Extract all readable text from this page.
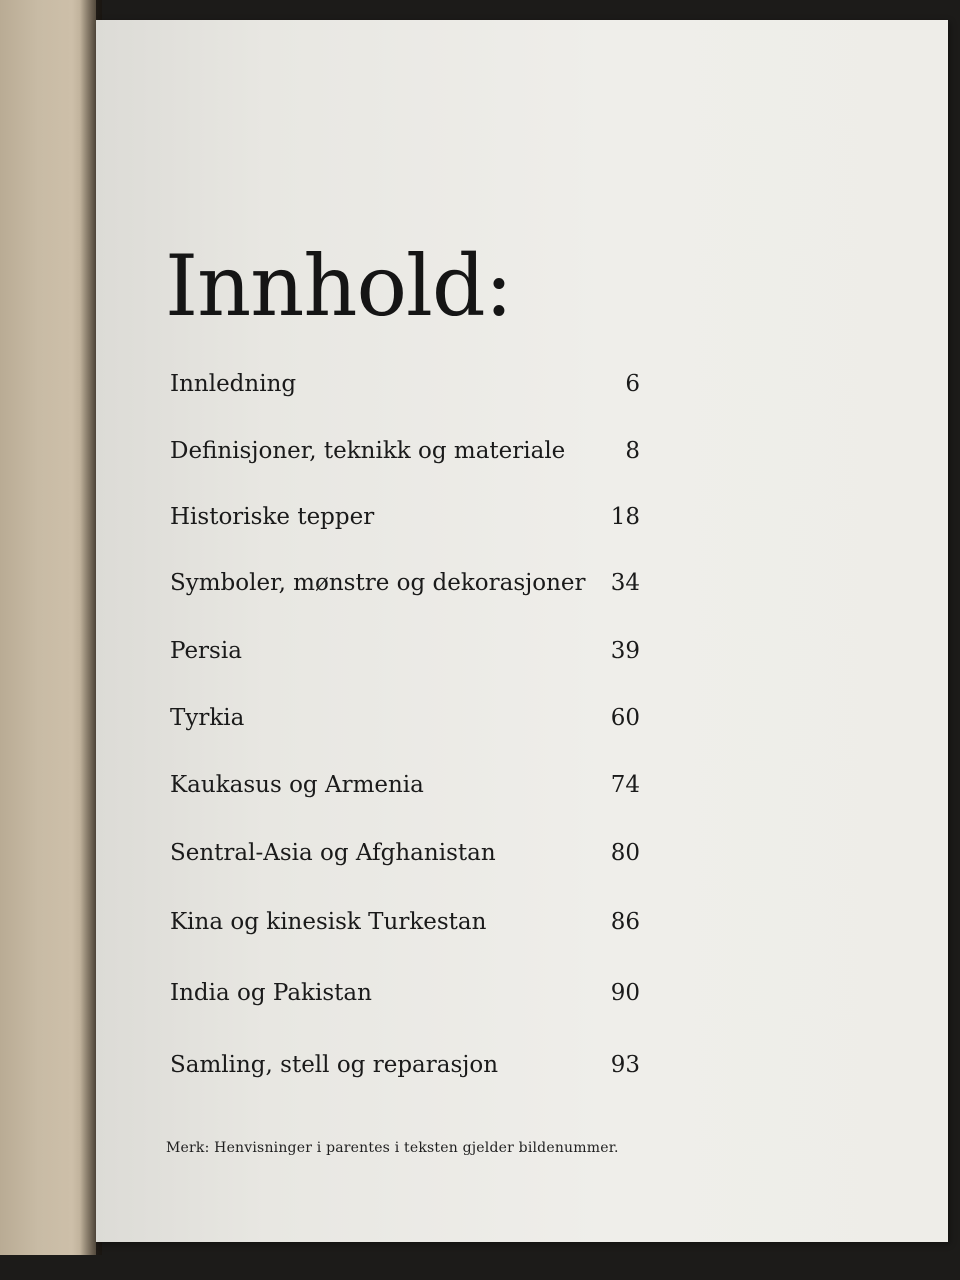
Innhold:
Innledning	6
Definisjoner, teknikk og materiale	8
Historiske tepper	18
Symboler, mønstre og dekorasjoner 34
Persia	39
Tyrkia	60
Kaukasus og Armenia	74
Sentral-Asia og Afghanistan	80
Kina og kinesisk Turkestan	86
India og Pakistan	90
Samling, stell og reparasjon	93
Merk: Henvisninger i parentes i teksten gjelder bildenummer.
